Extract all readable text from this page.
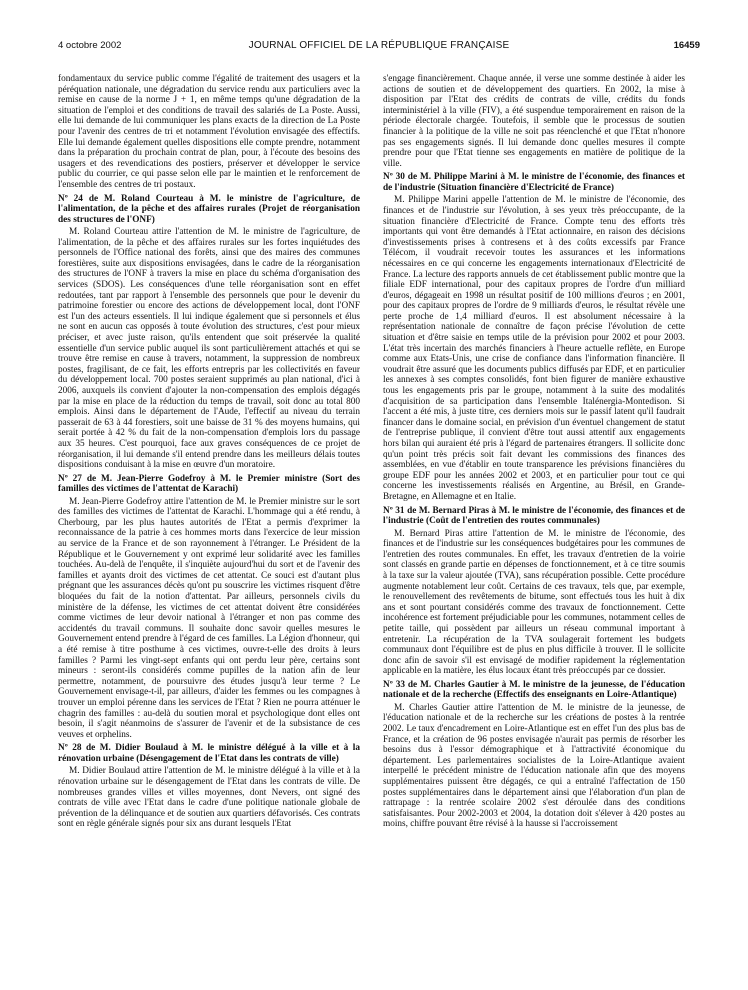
4 octobre 2002	JOURNAL OFFICIEL DE LA RÉPUBLIQUE FRANÇAISE	16459

fondamentaux du service public comme l'égalité de traitement des usagers et la péréquation nationale, une dégradation du service rendu aux particuliers avec la remise en cause de la norme J + 1, en même temps qu'une dégradation de la situation de l'emploi et des conditions de travail des salariés de La Poste. Aussi, elle lui demande de lui communiquer les plans exacts de la direction de La Poste pour l'avenir des centres de tri et notamment l'évolution envisagée des effectifs. Elle lui demande également quelles dispositions elle compte prendre, notamment dans la préparation du prochain contrat de plan, pour, à l'écoute des besoins des usagers et des revendications des postiers, préserver et développer le service public du courrier, ce qui passe selon elle par le maintien et le renforcement de l'ensemble des centres de tri postaux.

Nº 24 de M. Roland Courteau à M. le ministre de l'agriculture, de l'alimentation, de la pêche et des affaires rurales (Projet de réorganisation des structures de l'ONF)

M. Roland Courteau attire l'attention de M. le ministre de l'agriculture, de l'alimentation, de la pêche et des affaires rurales sur les fortes inquiétudes des personnels de l'Office national des forêts, ainsi que des maires des communes forestières, suite aux dispositions envisagées, dans le cadre de la réorganisation des structures de l'ONF à travers la mise en place du schéma d'organisation des services (SDOS). Les conséquences d'une telle réorganisation sont en effet redoutées, tant par rapport à l'ensemble des personnels que pour le devenir du patrimoine forestier ou encore des actions de développement local, dont l'ONF est l'un des acteurs essentiels. Il lui indique également que si personnels et élus ne sont en aucun cas opposés à toute évolution des structures, c'est pour mieux préciser, et avec juste raison, qu'ils entendent que soit préservée la qualité essentielle d'un service public auquel ils sont particulièrement attachés et qui se trouve être remise en cause à travers, notamment, la suppression de nombreux postes, fragilisant, de ce fait, les efforts entrepris par les collectivités en faveur du développement local. 700 postes seraient supprimés au plan national, d'ici à 2006, auxquels ils convient d'ajouter la non-compensation des emplois dégagés par la mise en place de la réduction du temps de travail, soit donc au total 800 emplois. Ainsi dans le département de l'Aude, l'effectif au niveau du terrain passerait de 63 à 44 forestiers, soit une baisse de 31 % des moyens humains, qui serait portée à 42 % du fait de la non-compensation d'emplois lors du passage aux 35 heures. C'est pourquoi, face aux graves conséquences de ce projet de réorganisation, il lui demande s'il entend prendre dans les meilleurs délais toutes dispositions conduisant à la mise en œuvre d'un moratoire.

Nº 27 de M. Jean-Pierre Godefroy à M. le Premier ministre (Sort des familles des victimes de l'attentat de Karachi)

M. Jean-Pierre Godefroy attire l'attention de M. le Premier ministre sur le sort des familles des victimes de l'attentat de Karachi. L'hommage qui a été rendu, à Cherbourg, par les plus hautes autorités de l'Etat a permis d'exprimer la reconnaissance de la patrie à ces hommes morts dans l'exercice de leur mission au service de la France et de son rayonnement à l'étranger. Le Président de la République et le Gouvernement y ont exprimé leur solidarité avec les familles touchées. Au-delà de l'enquête, il s'inquiète aujourd'hui du sort et de l'avenir des familles et ayants droit des victimes de cet attentat. Ce souci est d'autant plus prégnant que les assurances décès qu'ont pu souscrire les victimes risquent d'être bloquées du fait de la notion d'attentat. Par ailleurs, personnels civils du ministère de la défense, les victimes de cet attentat doivent être considérées comme victimes de leur devoir national à l'étranger et non pas comme des accidentés du travail communs. Il souhaite donc savoir quelles mesures le Gouvernement entend prendre à l'égard de ces familles. La Légion d'honneur, qui a été remise à titre posthume à ces victimes, ouvre-t-elle des droits à leurs familles ? Parmi les vingt-sept enfants qui ont perdu leur père, certains sont mineurs : seront-ils considérés comme pupilles de la nation afin de leur permettre, notamment, de poursuivre des études jusqu'à leur terme ? Le Gouvernement envisage-t-il, par ailleurs, d'aider les femmes ou les compagnes à trouver un emploi pérenne dans les services de l'Etat ? Rien ne pourra atténuer le chagrin des familles : au-delà du soutien moral et psychologique dont elles ont besoin, il s'agit néanmoins de s'assurer de l'avenir et de la subsistance de ces veuves et orphelins.

Nº 28 de M. Didier Boulaud à M. le ministre délégué à la ville et à la rénovation urbaine (Désengagement de l'Etat dans les contrats de ville)

M. Didier Boulaud attire l'attention de M. le ministre délégué à la ville et à la rénovation urbaine sur le désengagement de l'Etat dans les contrats de ville. De nombreuses grandes villes et villes moyennes, dont Nevers, ont signé des contrats de ville avec l'Etat dans le cadre d'une politique nationale globale de prévention de la délinquance et de soutien aux quartiers défavorisés. Ces contrats sont en règle générale signés pour six ans durant lesquels l'Etat

s'engage financièrement. Chaque année, il verse une somme destinée à aider les actions de soutien et de développement des quartiers. En 2002, la mise à disposition par l'Etat des crédits de contrats de ville, crédits du fonds interministériel à la ville (FIV), a été suspendue temporairement en raison de la période électorale chargée. Toutefois, il semble que le processus de soutien financier à la politique de la ville ne soit pas réenclenché et que l'Etat n'honore pas ses engagements signés. Il lui demande donc quelles mesures il compte prendre pour que l'Etat tienne ses engagements en matière de politique de la ville.

Nº 30 de M. Philippe Marini à M. le ministre de l'économie, des finances et de l'industrie (Situation financière d'Electricité de France)

M. Philippe Marini appelle l'attention de M. le ministre de l'économie, des finances et de l'industrie sur l'évolution, à ses yeux très préoccupante, de la situation financière d'Electricité de France. Compte tenu des efforts très importants qui vont être demandés à l'Etat actionnaire, en raison des décisions d'investissements prises à contresens et à des coûts excessifs par France Télécom, il voudrait recevoir toutes les assurances et les informations nécessaires en ce qui concerne les engagements internationaux d'Electricité de France. La lecture des rapports annuels de cet établissement public montre que la filiale EDF international, pour des capitaux propres de l'ordre d'un milliard d'euros, dégageait en 1998 un résultat positif de 100 millions d'euros ; en 2001, pour des capitaux propres de l'ordre de 9 milliards d'euros, le résultat révèle une perte proche de 1,4 milliard d'euros. Il est absolument nécessaire à la représentation nationale de connaître de façon précise l'évolution de cette situation et d'être saisie en temps utile de la prévision pour 2002 et pour 2003. L'état très incertain des marchés financiers à l'heure actuelle reflète, en Europe comme aux Etats-Unis, une crise de confiance dans l'information financière. Il voudrait être assuré que les documents publics diffusés par EDF, et en particulier les annexes à ses comptes consolidés, font bien figurer de manière exhaustive tous les engagements pris par le groupe, notamment à la suite des modalités d'acquisition de sa participation dans l'ensemble Italénergia-Montedison. Si l'accent a été mis, à juste titre, ces derniers mois sur le passif latent qu'il faudrait financer dans le domaine social, en prévision d'un éventuel changement de statut de l'entreprise publique, il convient d'être tout aussi attentif aux engagements hors bilan qui auraient été pris à l'égard de partenaires étrangers. Il sollicite donc qu'un point très précis soit fait devant les commissions des finances des assemblées, en vue d'établir en toute transparence les prévisions financières du groupe EDF pour les années 2002 et 2003, et en particulier pour tout ce qui concerne les investissements réalisés en Argentine, au Brésil, en Grande-Bretagne, en Allemagne et en Italie.

Nº 31 de M. Bernard Piras à M. le ministre de l'économie, des finances et de l'industrie (Coût de l'entretien des routes communales)

M. Bernard Piras attire l'attention de M. le ministre de l'économie, des finances et de l'industrie sur les conséquences budgétaires pour les communes de l'entretien des routes communales. En effet, les travaux d'entretien de la voirie sont classés en grande partie en dépenses de fonctionnement, et à ce titre soumis à la taxe sur la valeur ajoutée (TVA), sans récupération possible. Cette procédure augmente notablement leur coût. Certains de ces travaux, tels que, par exemple, le renouvellement des revêtements de bitume, sont effectués tous les huit à dix ans et sont pourtant considérés comme des travaux de fonctionnement. Cette incohérence est fortement préjudiciable pour les communes, notamment celles de petite taille, qui possèdent par ailleurs un réseau communal important à entretenir. La récupération de la TVA soulagerait fortement les budgets communaux dont l'équilibre est de plus en plus difficile à trouver. Il le sollicite donc afin de savoir s'il est envisagé de modifier rapidement la réglementation applicable en la matière, les élus locaux étant très préoccupés par ce dossier.

Nº 33 de M. Charles Gautier à M. le ministre de la jeunesse, de l'éducation nationale et de la recherche (Effectifs des enseignants en Loire-Atlantique)

M. Charles Gautier attire l'attention de M. le ministre de la jeunesse, de l'éducation nationale et de la recherche sur les créations de postes à la rentrée 2002. Le taux d'encadrement en Loire-Atlantique est en effet l'un des plus bas de France, et la création de 96 postes envisagée n'aurait pas permis de résorber les besoins dus à l'essor démographique et à l'attractivité économique du département. Les parlementaires socialistes de la Loire-Atlantique avaient interpellé le précédent ministre de l'éducation nationale afin que des moyens supplémentaires puissent être dégagés, ce qui a entraîné l'affectation de 150 postes supplémentaires dans le département ainsi que l'élaboration d'un plan de rattrapage : la rentrée scolaire 2002 s'est déroulée dans des conditions satisfaisantes. Pour 2002-2003 et 2004, la dotation doit s'élever à 420 postes au moins, chiffre pouvant être révisé à la hausse si l'accroissement
